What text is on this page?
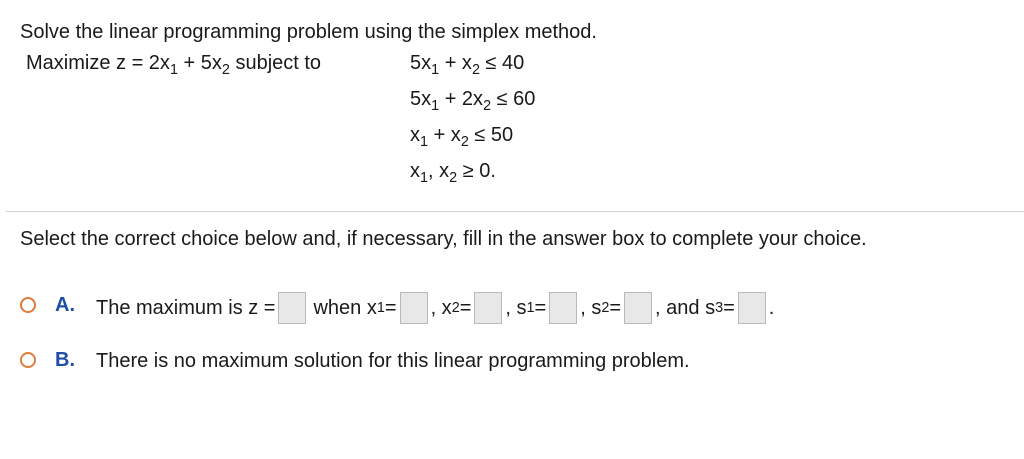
Solve the linear programming problem using the simplex method.
Maximize $z = 2x_1 + 5x_2$ subject to	$5x_1 + x_2 \le 40$
$5x_1 + 2x_2 \le 60$
$x_1 + x_2 \le 50$
$x_1$, $x_2 \ge 0$.
Select the correct choice below and, if necessary, fill in the answer box to complete your choice.
A. The maximum is z = when x 1 = , x 2 = , s 1 = , s 2 = , and s 3 = .
B. There is no maximum solution for this linear programming problem.
